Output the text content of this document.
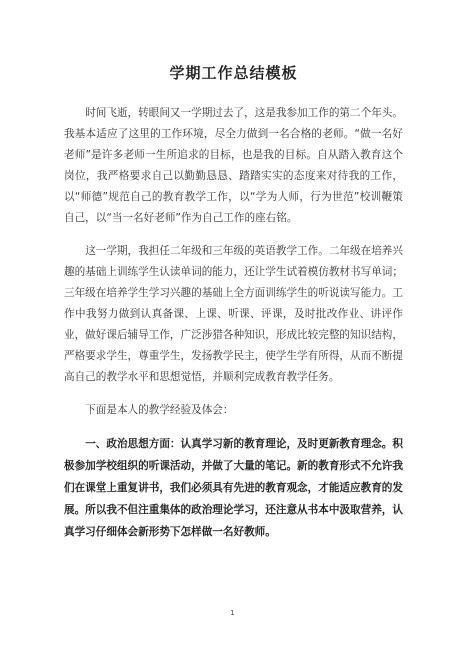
学期工作总结模板

时间飞逝，转眼间又一学期过去了，这是我参加工作的第二个年头。我基本适应了这里的工作环境，尽全力做到一名合格的老师。“做一名好老师”是许多老师一生所追求的目标，也是我的目标。自从踏入教育这个岗位，我严格要求自己以勤勤恳恳、踏踏实实的态度来对待我的工作，以“师德”规范自己的教育教学工作，以“学为人师，行为世范”校训鞭策自己，以“当一名好老师”作为自己工作的座右铭。

这一学期，我担任二年级和三年级的英语教学工作。二年级在培养兴趣的基础上训练学生认读单词的能力，还让学生试着模仿教材书写单词；三年级在培养学生学习兴趣的基础上全方面训练学生的听说读写能力。工作中我努力做到认真备课、上课、听课、评课，及时批改作业、讲评作业，做好课后辅导工作，广泛涉猎各种知识，形成比较完整的知识结构，严格要求学生，尊重学生，发扬教学民主，使学生学有所得，从而不断提高自己的教学水平和思想觉悟，并顺利完成教育教学任务。

下面是本人的教学经验及体会：

一、政治思想方面：认真学习新的教育理论，及时更新教育理念。积极参加学校组织的听课活动，并做了大量的笔记。新的教育形式不允许我们在课堂上重复讲书，我们必须具有先进的教育观念，才能适应教育的发展。所以我不但注重集体的政治理论学习，还注意从书本中汲取营养，认真学习仔细体会新形势下怎样做一名好教师。

1
